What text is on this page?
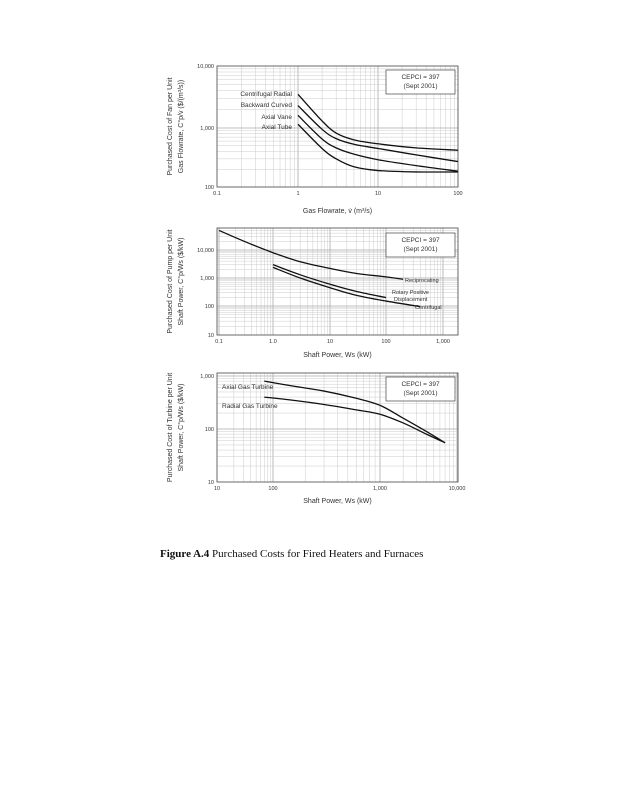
0.1	1	10	100
100
1,000
10,000
Gas Flowrate, v̇ (m³/s)
Purchased Cost of Fan per Unit Gas Flowrate, C°p/v̇ ($/(m³/s))
CEPCI = 397
(Sept 2001)
Centrifugal Radial
Backward Curved
Axial Vane
Axial Tube
0.1	1.0	10	100	1,000
10
100
1,000
10,000
Shaft Power, Ws (kW)
Purchased Cost of Pump per Unit Shaft Power, C°p/Ws ($/kW)	CEPCI = 397
(Sept 2001)
Reciprocating
Rotary Positive
Displacement
Centrifugal
10	100	1,000	10,000
10
100
1,000
Shaft Power, Ws (kW)
Purchased Cost of Turbine per Unit Shaft Power, C°p/Ws ($/kW)	CEPCI = 397
(Sept 2001)
Axial Gas Turbine
Radial Gas Turbine
Figure A.4 Purchased Costs for Fired Heaters and Furnaces
